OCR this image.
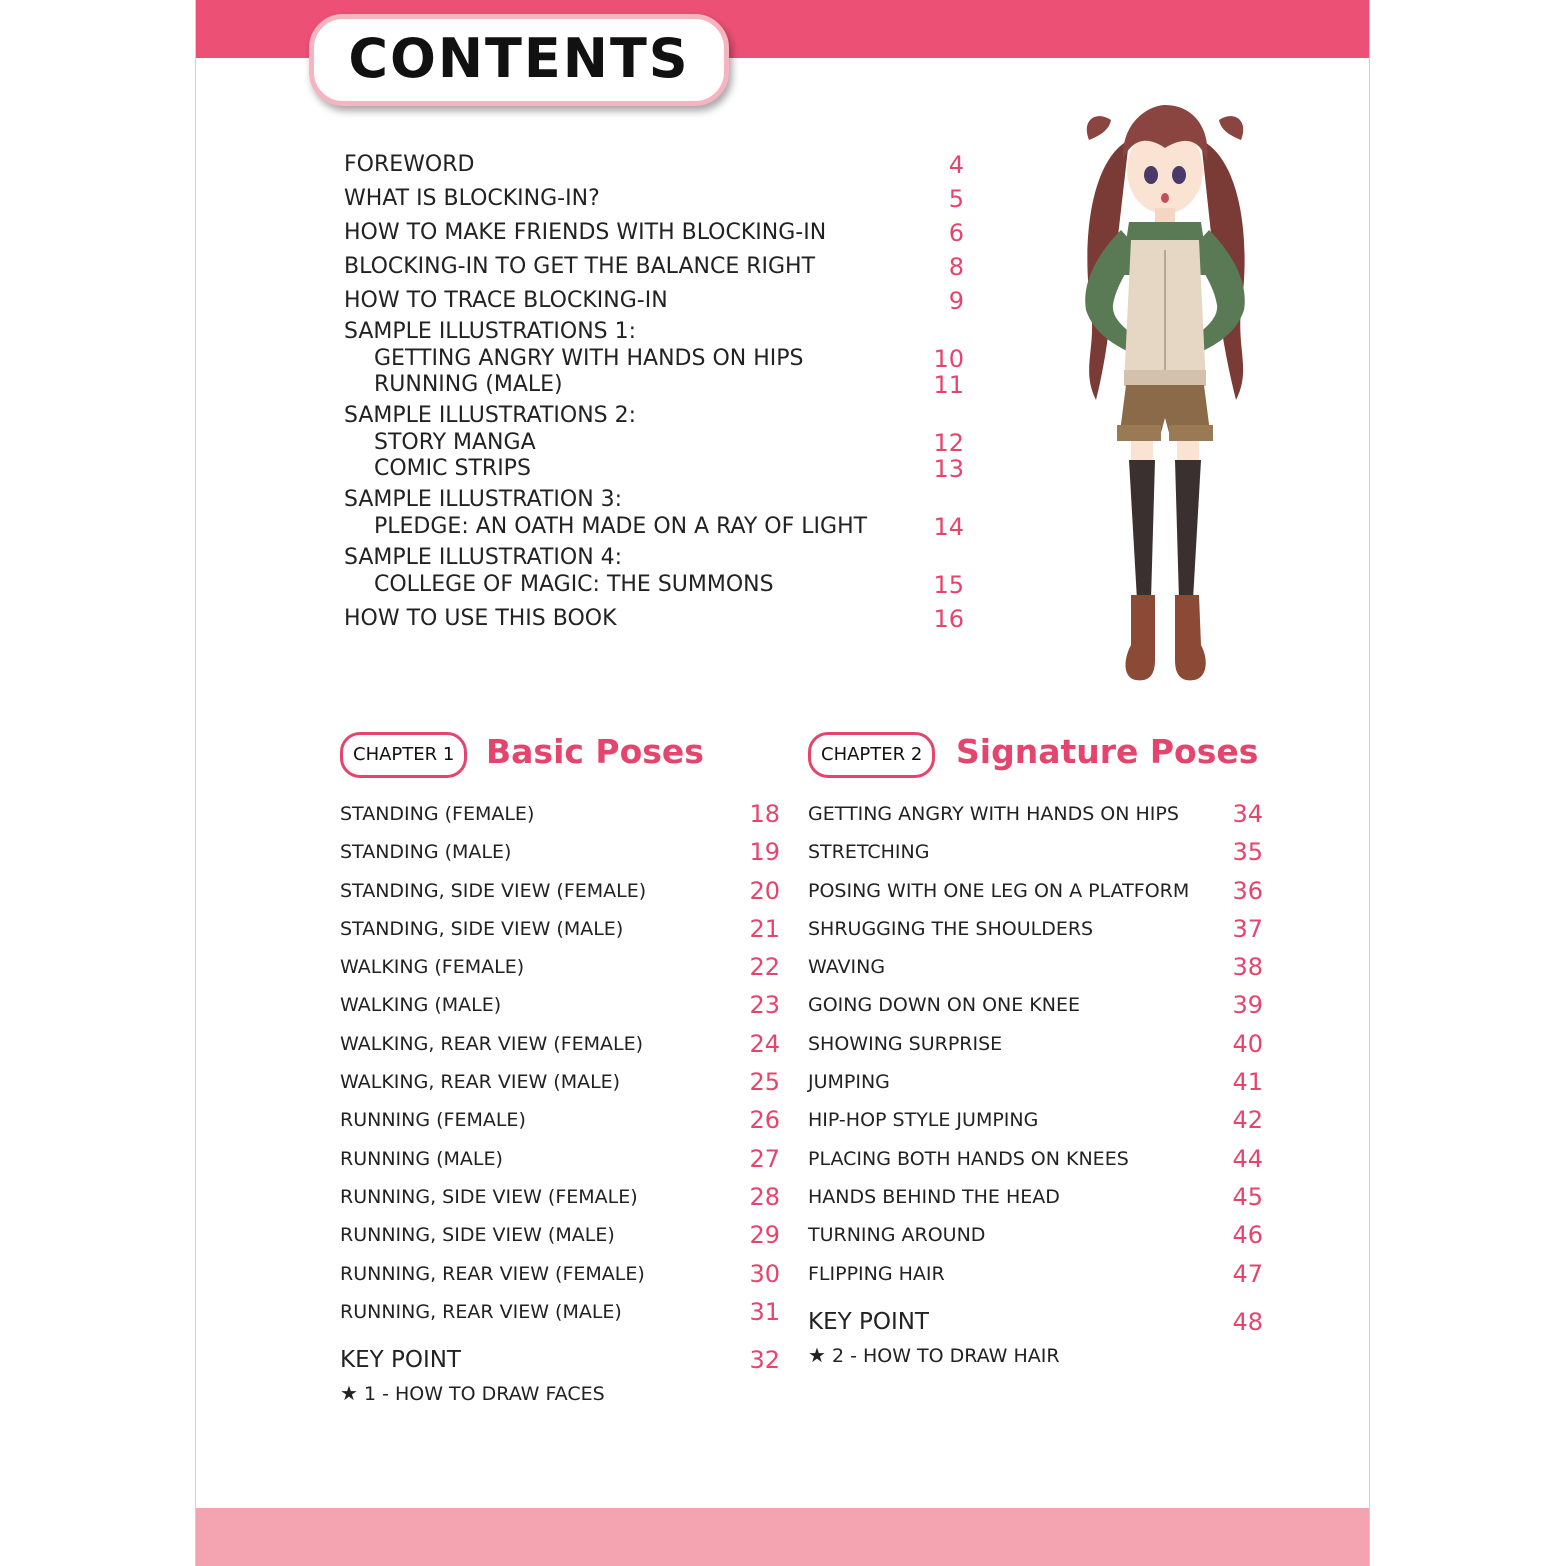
CONTENTS
FOREWORD	4
WHAT IS BLOCKING-IN?	5
HOW TO MAKE FRIENDS WITH BLOCKING-IN	6
BLOCKING-IN TO GET THE BALANCE RIGHT	8
HOW TO TRACE BLOCKING-IN	9
SAMPLE ILLUSTRATIONS 1:
GETTING ANGRY WITH HANDS ON HIPS	10
RUNNING (MALE)	11
SAMPLE ILLUSTRATIONS 2:
STORY MANGA	12
COMIC STRIPS	13
SAMPLE ILLUSTRATION 3:
PLEDGE: AN OATH MADE ON A RAY OF LIGHT	14
SAMPLE ILLUSTRATION 4:
COLLEGE OF MAGIC: THE SUMMONS	15
HOW TO USE THIS BOOK	16
CHAPTER 1 Basic Poses
STANDING (FEMALE)	18
STANDING (MALE)	19
STANDING, SIDE VIEW (FEMALE)	20
STANDING, SIDE VIEW (MALE)	21
WALKING (FEMALE)	22
WALKING (MALE)	23
WALKING, REAR VIEW (FEMALE)	24
WALKING, REAR VIEW (MALE)	25
RUNNING (FEMALE)	26
RUNNING (MALE)	27
RUNNING, SIDE VIEW (FEMALE)	28
RUNNING, SIDE VIEW (MALE)	29
RUNNING, REAR VIEW (FEMALE)	30
RUNNING, REAR VIEW (MALE)	31
KEY POINT	32
★ 1 - HOW TO DRAW FACES
CHAPTER 2	Signature Poses
GETTING ANGRY WITH HANDS ON HIPS 34
STRETCHING	35
POSING WITH ONE LEG ON A PLATFORM 36
SHRUGGING THE SHOULDERS	37
WAVING	38
GOING DOWN ON ONE KNEE	39
SHOWING SURPRISE	40
JUMPING	41
HIP-HOP STYLE JUMPING	42
PLACING BOTH HANDS ON KNEES	44
HANDS BEHIND THE HEAD	45
TURNING AROUND	46
FLIPPING HAIR	47
KEY POINT	48
★ 2 - HOW TO DRAW HAIR
